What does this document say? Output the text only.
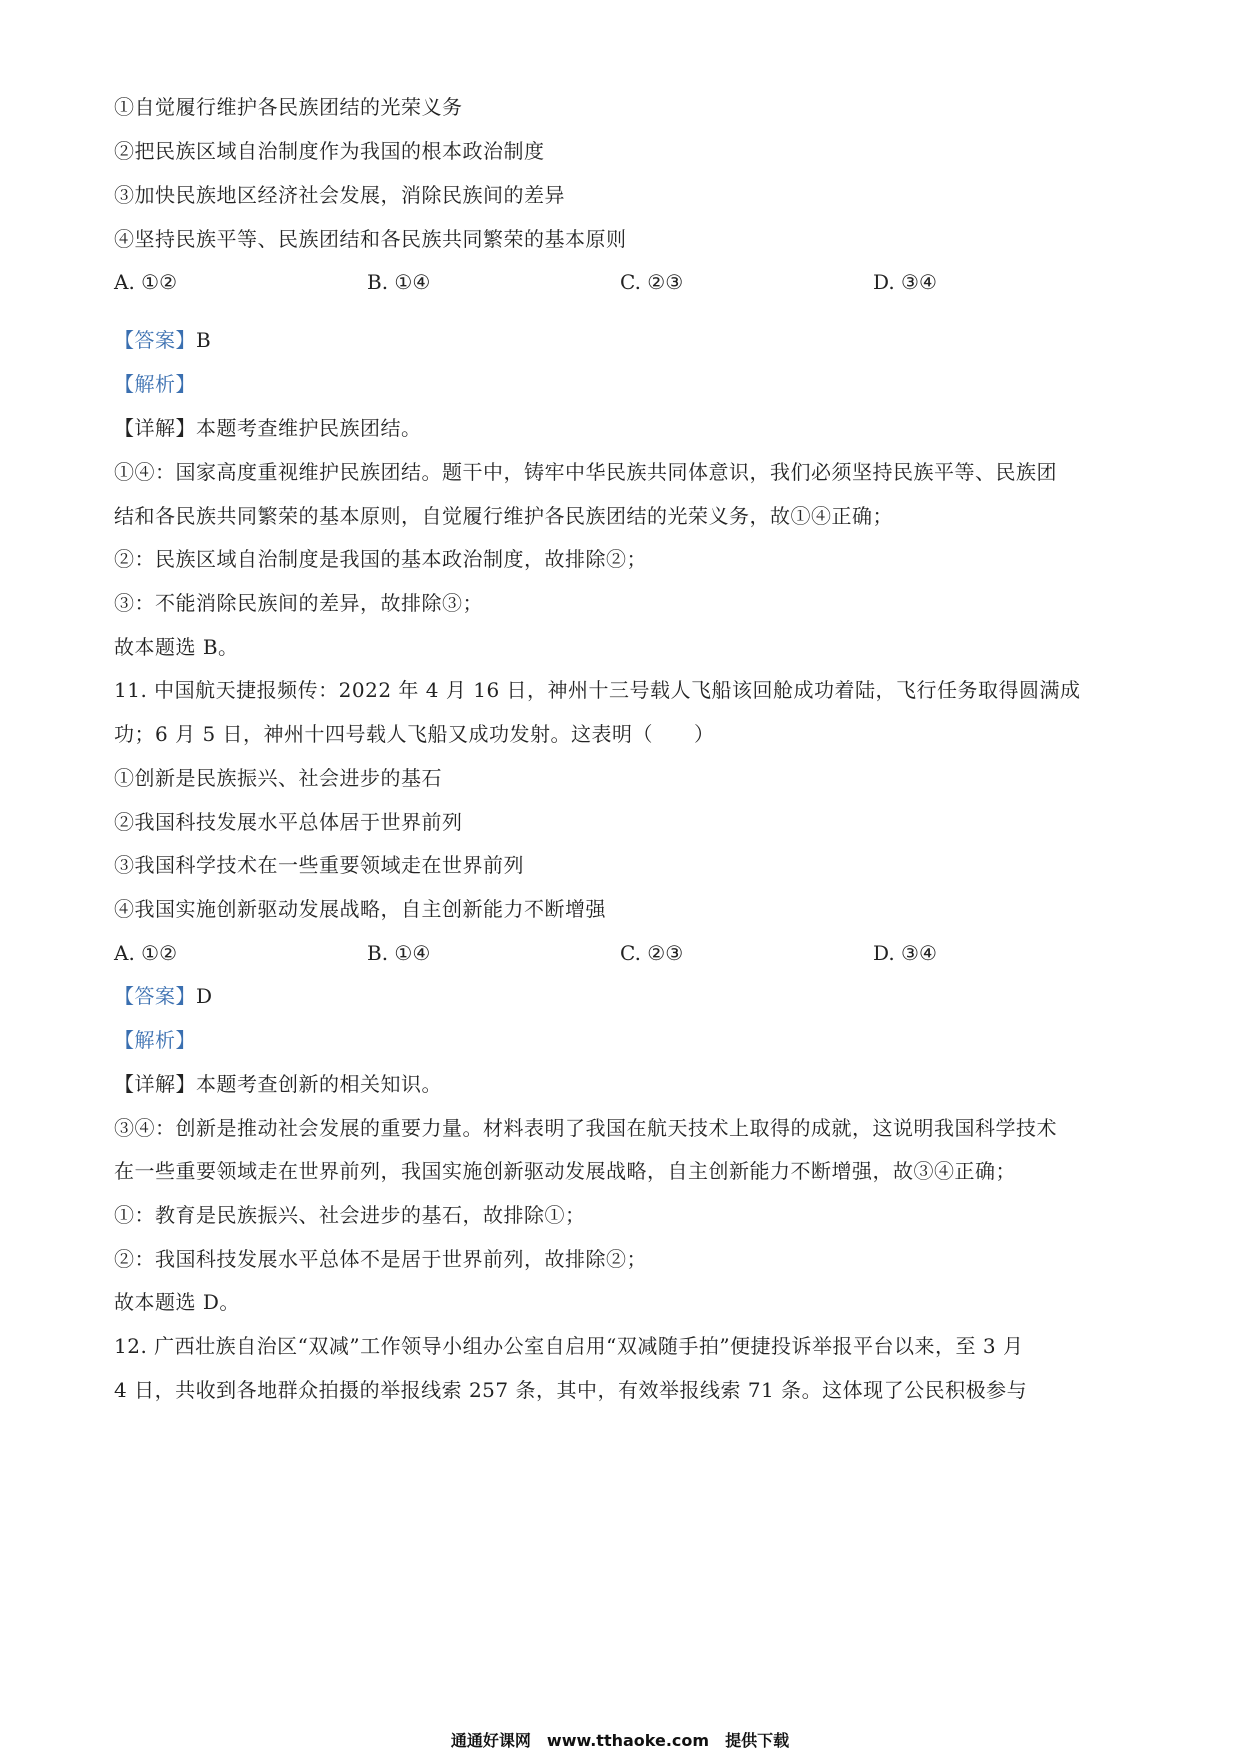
①自觉履行维护各民族团结的光荣义务
②把民族区域自治制度作为我国的根本政治制度
③加快民族地区经济社会发展，消除民族间的差异
④坚持民族平等、民族团结和各民族共同繁荣的基本原则
A. ①②	B. ①④	C. ②③	D. ③④
【答案】B
【解析】
【详解】本题考查维护民族团结。
①④：国家高度重视维护民族团结。题干中，铸牢中华民族共同体意识，我们必须坚持民族平等、民族团
结和各民族共同繁荣的基本原则，自觉履行维护各民族团结的光荣义务，故①④正确；
②：民族区域自治制度是我国的基本政治制度，故排除②；
③：不能消除民族间的差异，故排除③；
故本题选 B。
11. 中国航天捷报频传：2022 年 4 月 16 日，神州十三号载人飞船该回舱成功着陆，飞行任务取得圆满成
功；6 月 5 日，神州十四号载人飞船又成功发射。这表明（　　）
①创新是民族振兴、社会进步的基石
②我国科技发展水平总体居于世界前列
③我国科学技术在一些重要领域走在世界前列
④我国实施创新驱动发展战略，自主创新能力不断增强
A. ①②	B. ①④	C. ②③	D. ③④
【答案】D
【解析】
【详解】本题考查创新的相关知识。
③④：创新是推动社会发展的重要力量。材料表明了我国在航天技术上取得的成就，这说明我国科学技术
在一些重要领域走在世界前列，我国实施创新驱动发展战略，自主创新能力不断增强，故③④正确；
①：教育是民族振兴、社会进步的基石，故排除①；
②：我国科技发展水平总体不是居于世界前列，故排除②；
故本题选 D。
12. 广西壮族自治区“双减”工作领导小组办公室自启用“双减随手拍”便捷投诉举报平台以来，至 3 月
4 日，共收到各地群众拍摄的举报线索 257 条，其中，有效举报线索 71 条。这体现了公民积极参与
通通好课网　www.tthaoke.com　提供下载
